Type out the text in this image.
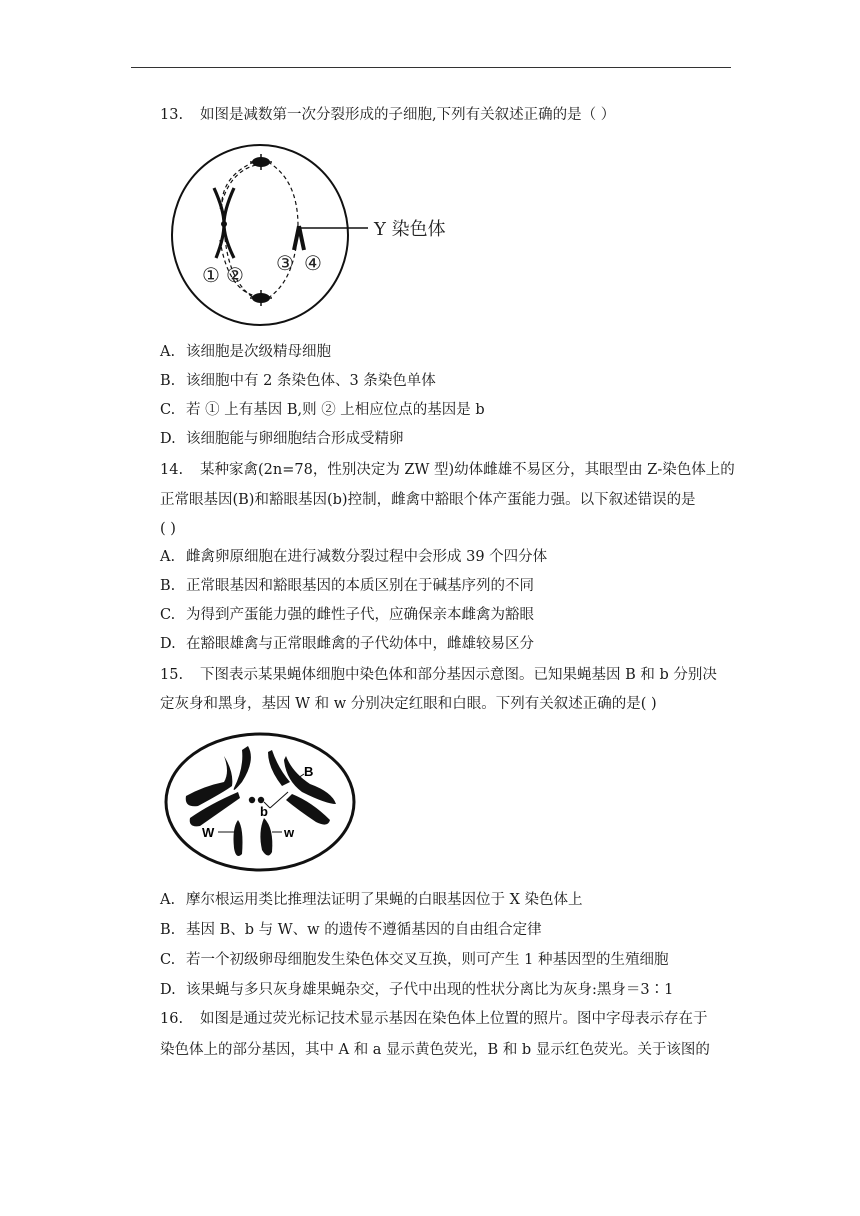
13. 如图是减数第一次分裂形成的子细胞,下列有关叙述正确的是（ ）
Y 染色体
① ② ③ ④
A. 该细胞是次级精母细胞
B. 该细胞中有 2 条染色体、3 条染色单体
C. 若 ① 上有基因 B,则 ② 上相应位点的基因是 b
D. 该细胞能与卵细胞结合形成受精卵
14. 某种家禽(2n=78，性别决定为 ZW 型)幼体雌雄不易区分，其眼型由 Z-染色体上的
正常眼基因(B)和豁眼基因(b)控制，雌禽中豁眼个体产蛋能力强。以下叙述错误的是
( )
A. 雌禽卵原细胞在进行减数分裂过程中会形成 39 个四分体
B. 正常眼基因和豁眼基因的本质区别在于碱基序列的不同
C. 为得到产蛋能力强的雌性子代，应确保亲本雌禽为豁眼
D. 在豁眼雄禽与正常眼雌禽的子代幼体中，雌雄较易区分
15. 下图表示某果蝇体细胞中染色体和部分基因示意图。已知果蝇基因 B 和 b 分别决
定灰身和黑身，基因 W 和 w 分别决定红眼和白眼。下列有关叙述正确的是( )
B
b
W	w
A. 摩尔根运用类比推理法证明了果蝇的白眼基因位于 X 染色体上
B. 基因 B、b 与 W、w 的遗传不遵循基因的自由组合定律
C. 若一个初级卵母细胞发生染色体交叉互换，则可产生 1 种基因型的生殖细胞
D. 该果蝇与多只灰身雄果蝇杂交，子代中出现的性状分离比为灰身:黑身＝3∶1
16. 如图是通过荧光标记技术显示基因在染色体上位置的照片。图中字母表示存在于
染色体上的部分基因，其中 A 和 a 显示黄色荧光，B 和 b 显示红色荧光。关于该图的
